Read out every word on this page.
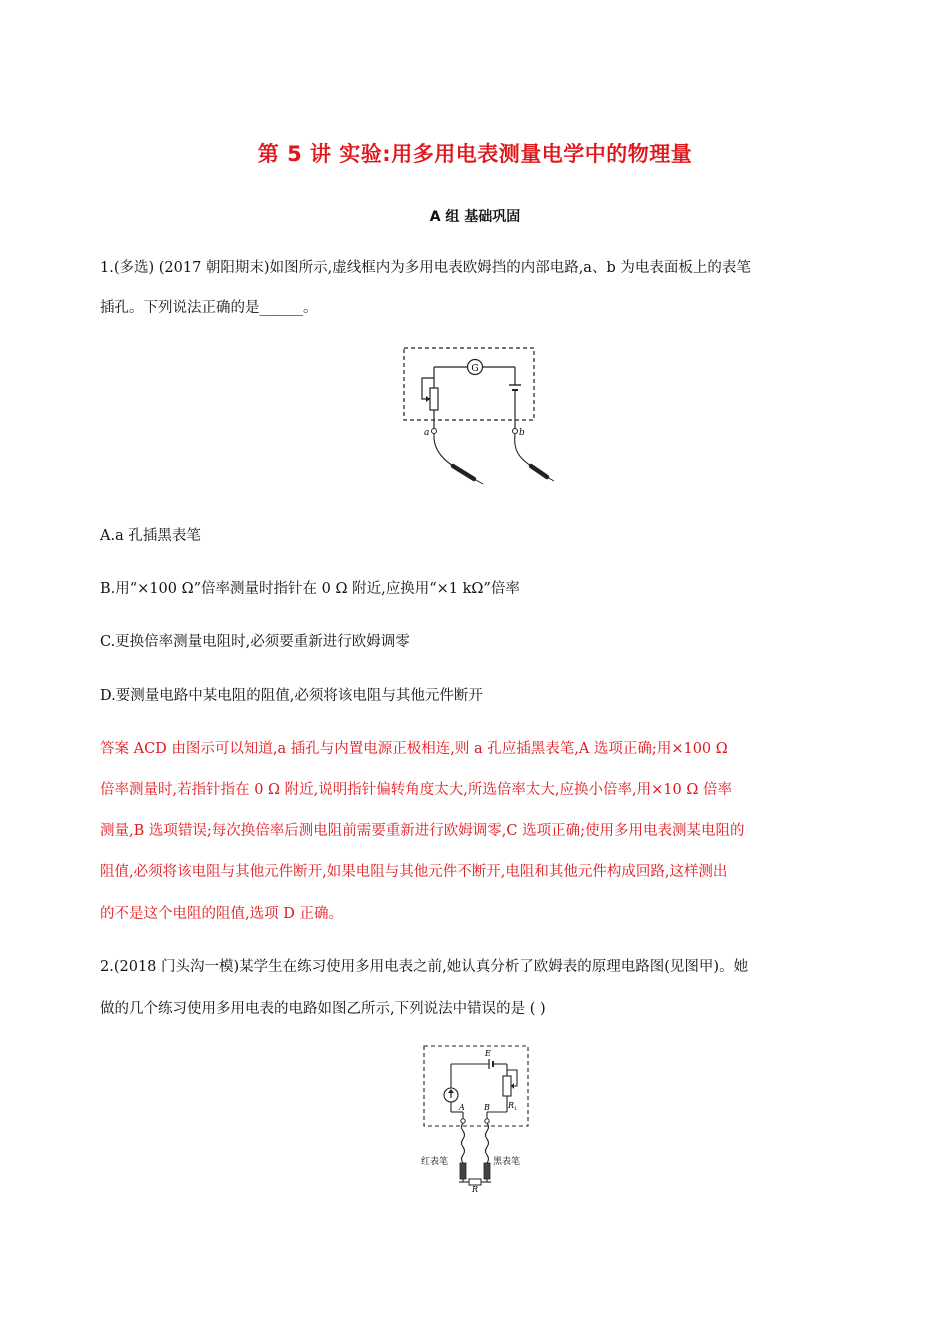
第 5 讲 实验:用多用电表测量电学中的物理量
A 组 基础巩固
1.(多选) (2017 朝阳期末)如图所示,虚线框内为多用电表欧姆挡的内部电路,a、b 为电表面板上的表笔
插孔。下列说法正确的是______。
G
a	b
A.a 孔插黑表笔
B.用“×100 Ω”倍率测量时指针在 0 Ω 附近,应换用“×1 kΩ”倍率
C.更换倍率测量电阻时,必须要重新进行欧姆调零
D.要测量电路中某电阻的阻值,必须将该电阻与其他元件断开
答案 ACD 由图示可以知道,a 插孔与内置电源正极相连,则 a 孔应插黑表笔,A 选项正确;用×100 Ω
倍率测量时,若指针指在 0 Ω 附近,说明指针偏转角度太大,所选倍率太大,应换小倍率,用×10 Ω 倍率
测量,B 选项错误;每次换倍率后测电阻前需要重新进行欧姆调零,C 选项正确;使用多用电表测某电阻的
阻值,必须将该电阻与其他元件断开,如果电阻与其他元件不断开,电阻和其他元件构成回路,这样测出
的不是这个电阻的阻值,选项 D 正确。
2.(2018 门头沟一模)某学生在练习使用多用电表之前,她认真分析了欧姆表的原理电路图(见图甲)。她
做的几个练习使用多用电表的电路如图乙所示,下列说法中错误的是 ( )
E
R 1
A B
红表笔	黑表笔
R
